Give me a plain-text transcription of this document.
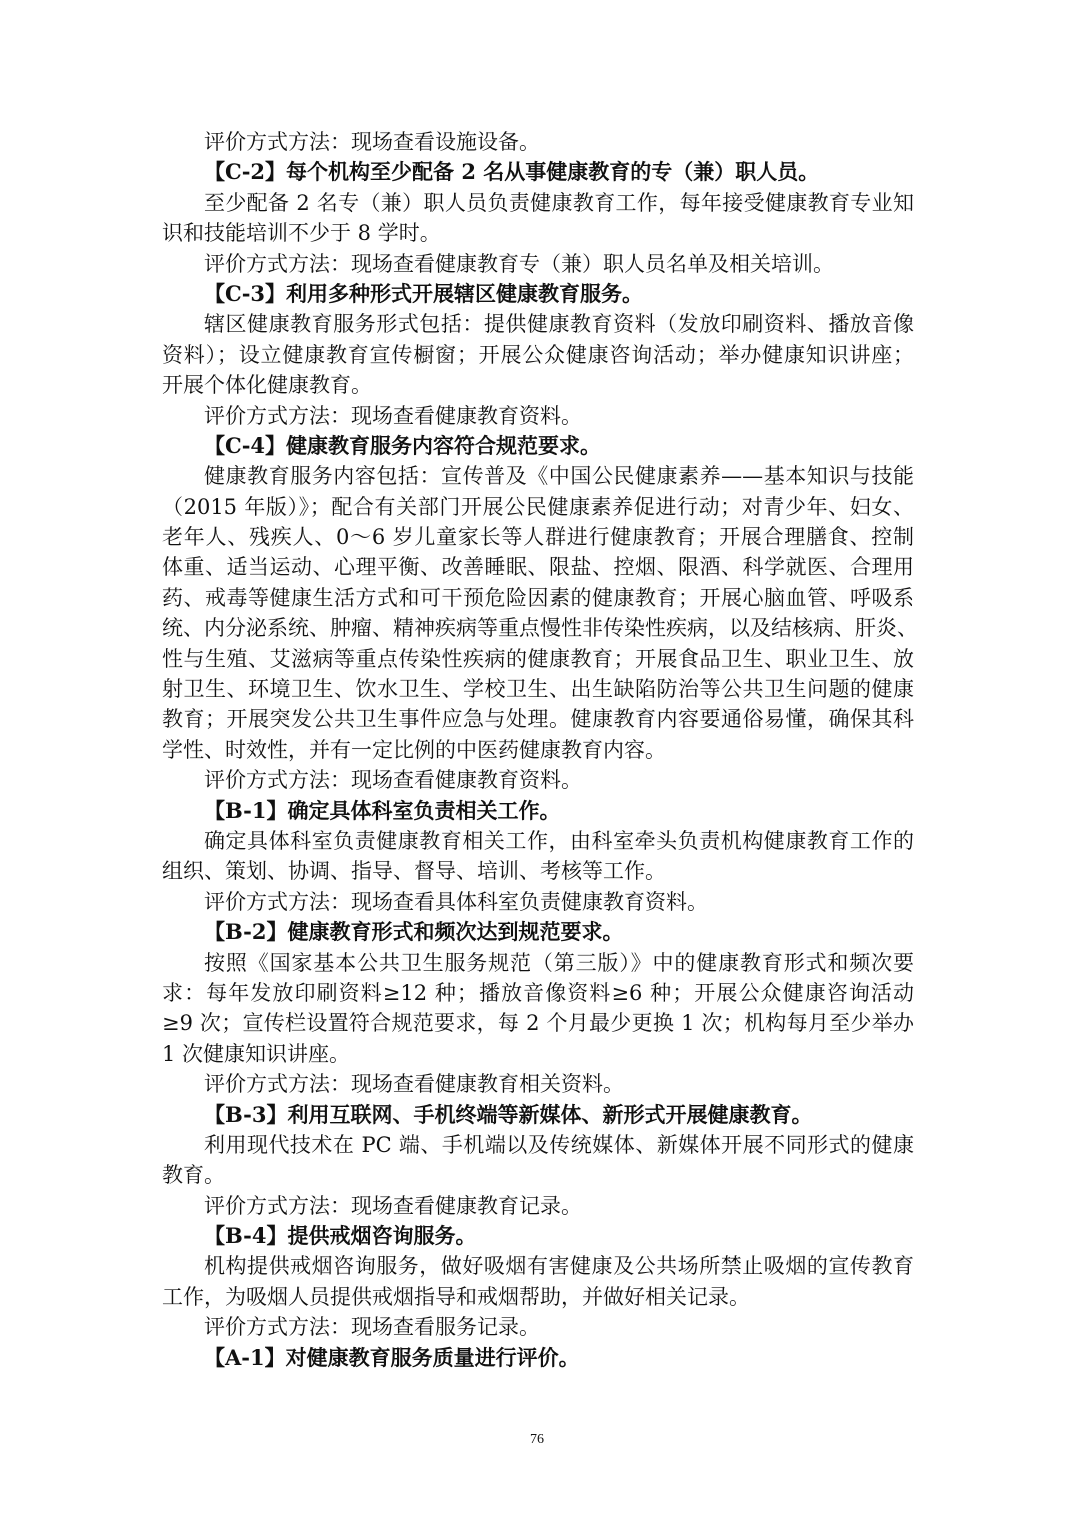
评价方式方法：现场查看设施设备。
【C-2】每个机构至少配备 2 名从事健康教育的专（兼）职人员。
至少配备 2 名专（兼）职人员负责健康教育工作，每年接受健康教育专业知
识和技能培训不少于 8 学时。
评价方式方法：现场查看健康教育专（兼）职人员名单及相关培训。
【C-3】利用多种形式开展辖区健康教育服务。
辖区健康教育服务形式包括：提供健康教育资料（发放印刷资料、播放音像
资料）；设立健康教育宣传橱窗；开展公众健康咨询活动；举办健康知识讲座；
开展个体化健康教育。
评价方式方法：现场查看健康教育资料。
【C-4】健康教育服务内容符合规范要求。
健康教育服务内容包括：宣传普及《中国公民健康素养——基本知识与技能
（2015 年版）》；配合有关部门开展公民健康素养促进行动；对青少年、妇女、
老年人、残疾人、0～6 岁儿童家长等人群进行健康教育；开展合理膳食、控制
体重、适当运动、心理平衡、改善睡眠、限盐、控烟、限酒、科学就医、合理用
药、戒毒等健康生活方式和可干预危险因素的健康教育；开展心脑血管、呼吸系
统、内分泌系统、肿瘤、精神疾病等重点慢性非传染性疾病，以及结核病、肝炎、
性与生殖、艾滋病等重点传染性疾病的健康教育；开展食品卫生、职业卫生、放
射卫生、环境卫生、饮水卫生、学校卫生、出生缺陷防治等公共卫生问题的健康
教育；开展突发公共卫生事件应急与处理。健康教育内容要通俗易懂，确保其科
学性、时效性，并有一定比例的中医药健康教育内容。
评价方式方法：现场查看健康教育资料。
【B-1】确定具体科室负责相关工作。
确定具体科室负责健康教育相关工作，由科室牵头负责机构健康教育工作的
组织、策划、协调、指导、督导、培训、考核等工作。
评价方式方法：现场查看具体科室负责健康教育资料。
【B-2】健康教育形式和频次达到规范要求。
按照《国家基本公共卫生服务规范（第三版）》中的健康教育形式和频次要
求：每年发放印刷资料≥12 种；播放音像资料≥6 种；开展公众健康咨询活动
≥9 次；宣传栏设置符合规范要求，每 2 个月最少更换 1 次；机构每月至少举办
1 次健康知识讲座。
评价方式方法：现场查看健康教育相关资料。
【B-3】利用互联网、手机终端等新媒体、新形式开展健康教育。
利用现代技术在 PC 端、手机端以及传统媒体、新媒体开展不同形式的健康
教育。
评价方式方法：现场查看健康教育记录。
【B-4】提供戒烟咨询服务。
机构提供戒烟咨询服务，做好吸烟有害健康及公共场所禁止吸烟的宣传教育
工作，为吸烟人员提供戒烟指导和戒烟帮助，并做好相关记录。
评价方式方法：现场查看服务记录。
【A-1】对健康教育服务质量进行评价。
76
